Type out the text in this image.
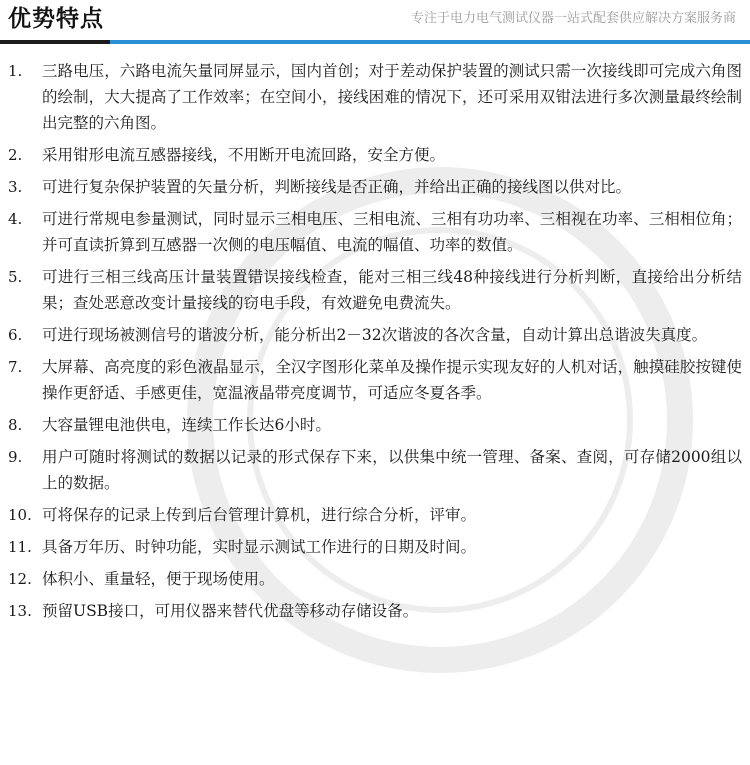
优势特点	专注于电力电气测试仪器一站式配套供应解决方案服务商
1. 三路电压，六路电流矢量同屏显示，国内首创；对于差动保护装置的测试只需一次接线即可完成六角图的绘制，大大提高了工作效率；在空间小，接线困难的情况下，还可采用双钳法进行多次测量最终绘制出完整的六角图。
2. 采用钳形电流互感器接线，不用断开电流回路，安全方便。
3. 可进行复杂保护装置的矢量分析，判断接线是否正确，并给出正确的接线图以供对比。
4. 可进行常规电参量测试，同时显示三相电压、三相电流、三相有功功率、三相视在功率、三相相位角；并可直读折算到互感器一次侧的电压幅值、电流的幅值、功率的数值。
5. 可进行三相三线高压计量装置错误接线检查，能对三相三线48种接线进行分析判断，直接给出分析结果；查处恶意改变计量接线的窃电手段，有效避免电费流失。
6. 可进行现场被测信号的谐波分析，能分析出2－32次谐波的各次含量，自动计算出总谐波失真度。
7. 大屏幕、高亮度的彩色液晶显示，全汉字图形化菜单及操作提示实现友好的人机对话，触摸硅胶按键使操作更舒适、手感更佳，宽温液晶带亮度调节，可适应冬夏各季。
8. 大容量锂电池供电，连续工作长达6小时。
9. 用户可随时将测试的数据以记录的形式保存下来，以供集中统一管理、备案、查阅，可存储2000组以上的数据。
10. 可将保存的记录上传到后台管理计算机，进行综合分析，评审。
11. 具备万年历、时钟功能，实时显示测试工作进行的日期及时间。
12. 体积小、重量轻，便于现场使用。
13. 预留USB接口，可用仪器来替代优盘等移动存储设备。
